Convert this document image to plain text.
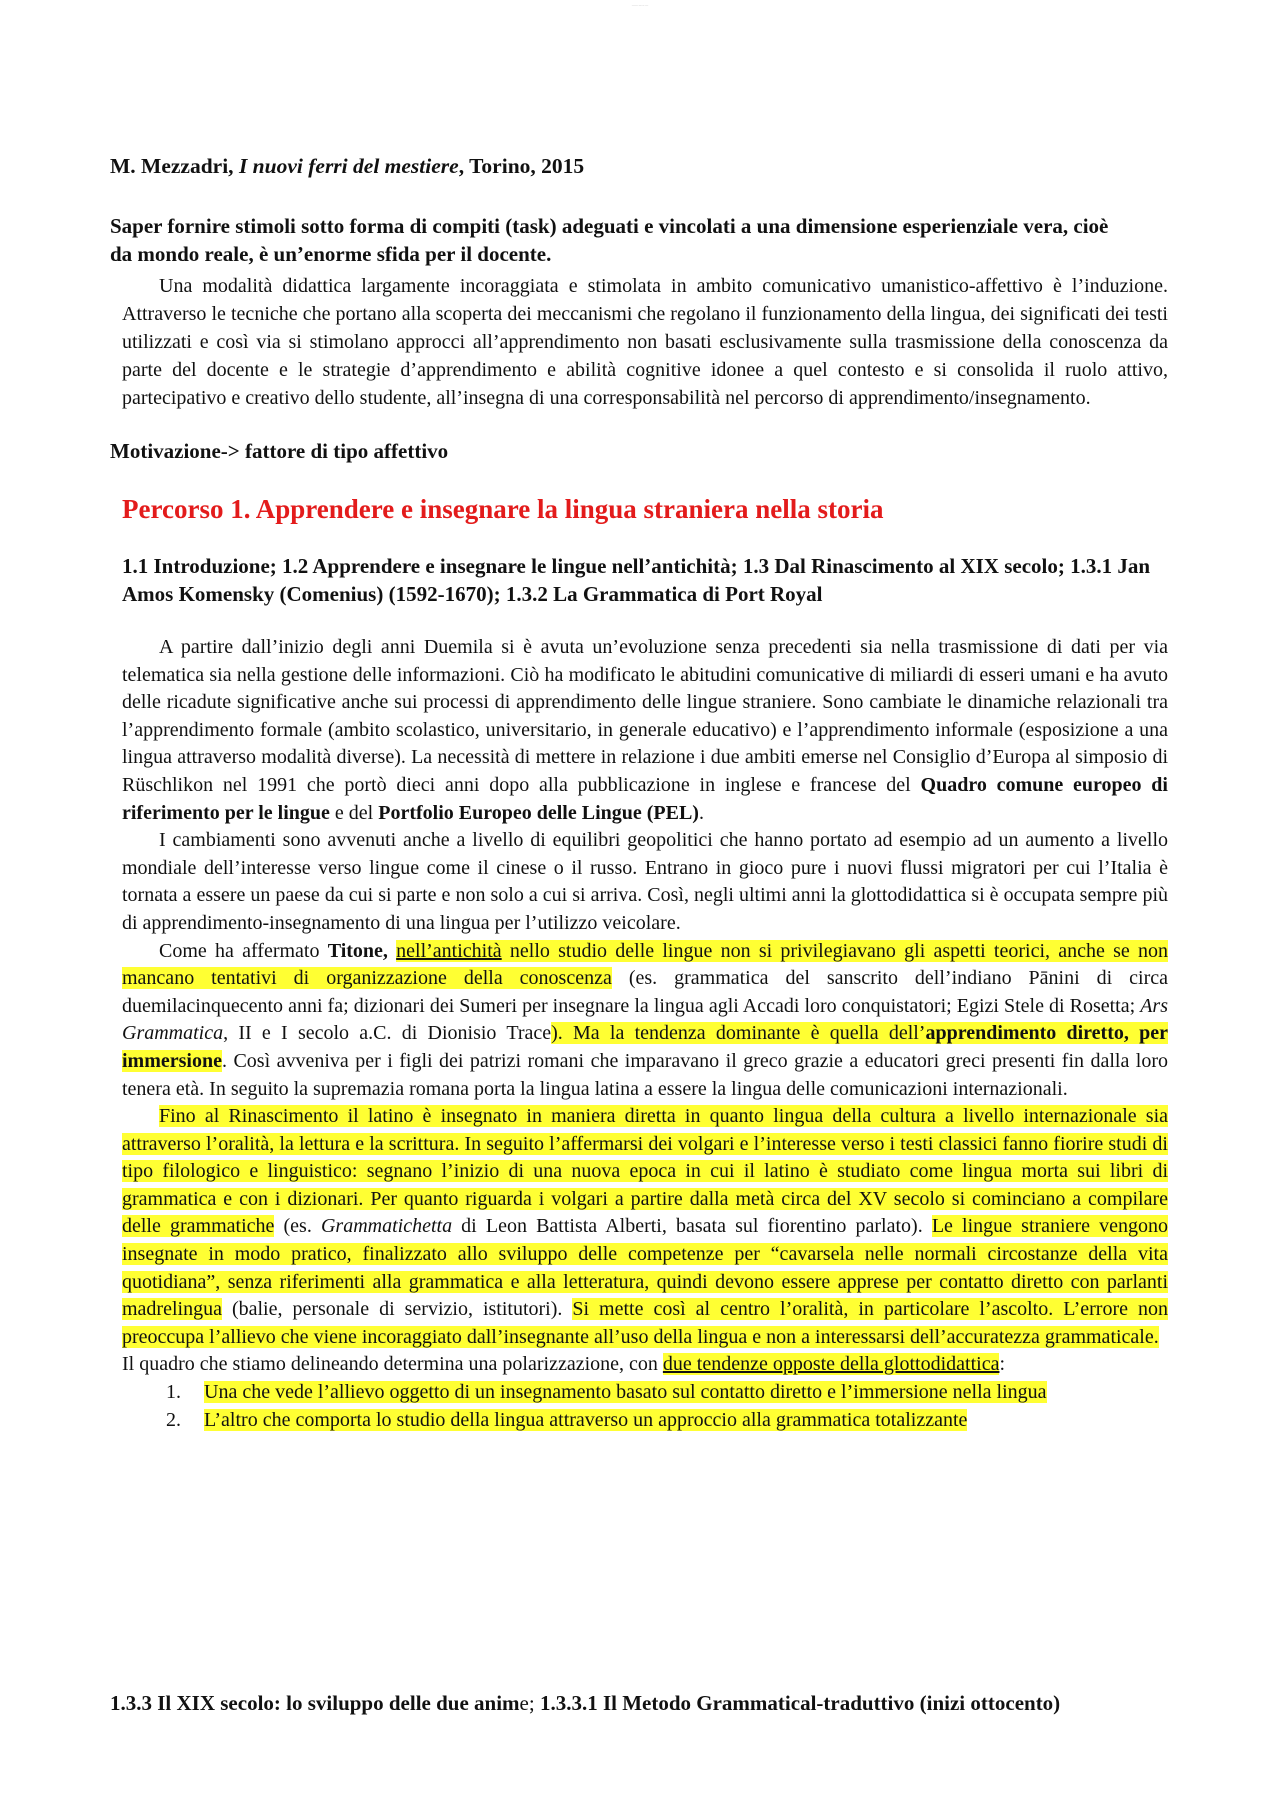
------ --- -- ---
M. Mezzadri, I nuovi ferri del mestiere, Torino, 2015
Saper fornire stimoli sotto forma di compiti (task) adeguati e vincolati a una dimensione esperienziale vera, cioè da mondo reale, è un’enorme sfida per il docente.
Una modalità didattica largamente incoraggiata e stimolata in ambito comunicativo umanistico-affettivo è l’induzione. Attraverso le tecniche che portano alla scoperta dei meccanismi che regolano il funzionamento della lingua, dei significati dei testi utilizzati e così via si stimolano approcci all’apprendimento non basati esclusivamente sulla trasmissione della conoscenza da parte del docente e le strategie d’apprendimento e abilità cognitive idonee a quel contesto e si consolida il ruolo attivo, partecipativo e creativo dello studente, all’insegna di una corresponsabilità nel percorso di apprendimento/insegnamento.
Motivazione-> fattore di tipo affettivo
Percorso 1. Apprendere e insegnare la lingua straniera nella storia
1.1 Introduzione; 1.2 Apprendere e insegnare le lingue nell’antichità; 1.3 Dal Rinascimento al XIX secolo; 1.3.1 Jan Amos Komensky (Comenius) (1592-1670); 1.3.2 La Grammatica di Port Royal

A partire dall’inizio degli anni Duemila si è avuta un’evoluzione senza precedenti sia nella trasmissione di dati per via telematica sia nella gestione delle informazioni. Ciò ha modificato le abitudini comunicative di miliardi di esseri umani e ha avuto delle ricadute significative anche sui processi di apprendimento delle lingue straniere. Sono cambiate le dinamiche relazionali tra l’apprendimento formale (ambito scolastico, universitario, in generale educativo) e l’apprendimento informale (esposizione a una lingua attraverso modalità diverse). La necessità di mettere in relazione i due ambiti emerse nel Consiglio d’Europa al simposio di Rüschlikon nel 1991 che portò dieci anni dopo alla pubblicazione in inglese e francese del Quadro comune europeo di riferimento per le lingue e del Portfolio Europeo delle Lingue (PEL).

I cambiamenti sono avvenuti anche a livello di equilibri geopolitici che hanno portato ad esempio ad un aumento a livello mondiale dell’interesse verso lingue come il cinese o il russo. Entrano in gioco pure i nuovi flussi migratori per cui l’Italia è tornata a essere un paese da cui si parte e non solo a cui si arriva. Così, negli ultimi anni la glottodidattica si è occupata sempre più di apprendimento-insegnamento di una lingua per l’utilizzo veicolare.

Come ha affermato Titone, nell’antichità nello studio delle lingue non si privilegiavano gli aspetti teorici, anche se non mancano tentativi di organizzazione della conoscenza (es. grammatica del sanscrito dell’indiano Pānini di circa duemilacinquecento anni fa; dizionari dei Sumeri per insegnare la lingua agli Accadi loro conquistatori; Egizi Stele di Rosetta; Ars Grammatica, II e I secolo a.C. di Dionisio Trace). Ma la tendenza dominante è quella dell’apprendimento diretto, per immersione. Così avveniva per i figli dei patrizi romani che imparavano il greco grazie a educatori greci presenti fin dalla loro tenera età. In seguito la supremazia romana porta la lingua latina a essere la lingua delle comunicazioni internazionali.

Fino al Rinascimento il latino è insegnato in maniera diretta in quanto lingua della cultura a livello internazionale sia attraverso l’oralità, la lettura e la scrittura. In seguito l’affermarsi dei volgari e l’interesse verso i testi classici fanno fiorire studi di tipo filologico e linguistico: segnano l’inizio di una nuova epoca in cui il latino è studiato come lingua morta sui libri di grammatica e con i dizionari. Per quanto riguarda i volgari a partire dalla metà circa del XV secolo si cominciano a compilare delle grammatiche (es. Grammatichetta di Leon Battista Alberti, basata sul fiorentino parlato). Le lingue straniere vengono insegnate in modo pratico, finalizzato allo sviluppo delle competenze per “cavarsela nelle normali circostanze della vita quotidiana”, senza riferimenti alla grammatica e alla letteratura, quindi devono essere apprese per contatto diretto con parlanti madrelingua (balie, personale di servizio, istitutori). Si mette così al centro l’oralità, in particolare l’ascolto. L’errore non preoccupa l’allievo che viene incoraggiato dall’insegnante all’uso della lingua e non a interessarsi dell’accuratezza grammaticale.

Il quadro che stiamo delineando determina una polarizzazione, con due tendenze opposte della glottodidattica:

1. Una che vede l’allievo oggetto di un insegnamento basato sul contatto diretto e l’immersione nella lingua
2. L’altro che comporta lo studio della lingua attraverso un approccio alla grammatica totalizzante
1.3.3 Il XIX secolo: lo sviluppo delle due anime; 1.3.3.1 Il Metodo Grammatical-traduttivo (inizi ottocento)
